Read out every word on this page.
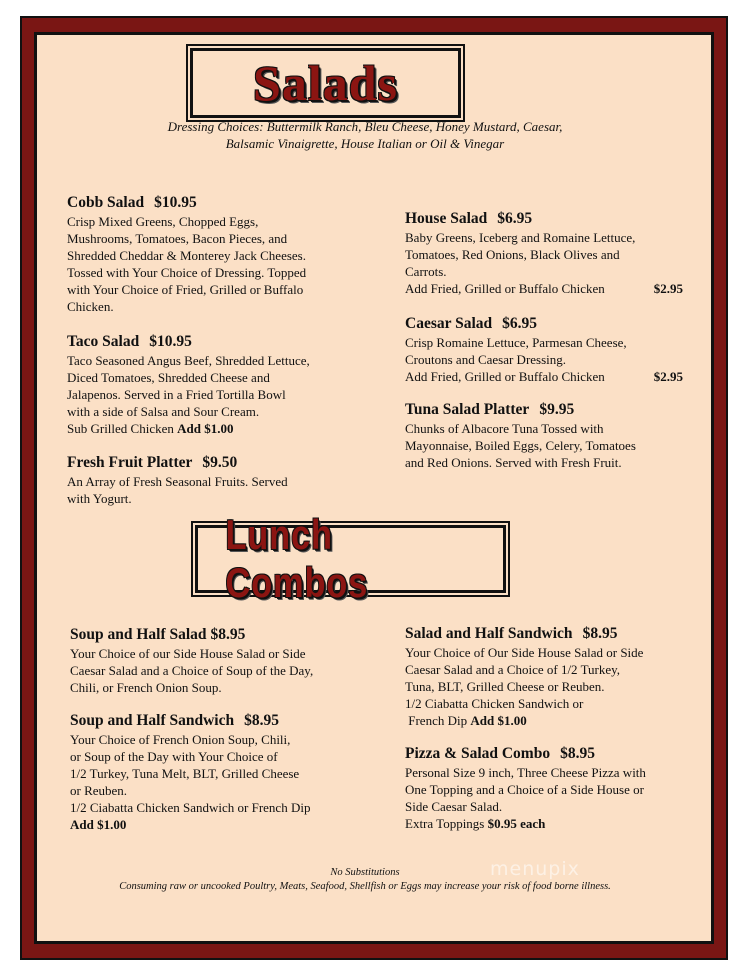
Salads
Dressing Choices: Buttermilk Ranch, Bleu Cheese, Honey Mustard, Caesar,
Balsamic Vinaigrette, House Italian or Oil & Vinegar
Cobb Salad $10.95
Crisp Mixed Greens, Chopped Eggs,
Mushrooms, Tomatoes, Bacon Pieces, and
Shredded Cheddar & Monterey Jack Cheeses.
Tossed with Your Choice of Dressing. Topped
with Your Choice of Fried, Grilled or Buffalo
Chicken.
Taco Salad $10.95
Taco Seasoned Angus Beef, Shredded Lettuce,
Diced Tomatoes, Shredded Cheese and
Jalapenos. Served in a Fried Tortilla Bowl
with a side of Salsa and Sour Cream.
Sub Grilled Chicken Add $1.00
Fresh Fruit Platter $9.50
An Array of Fresh Seasonal Fruits. Served
with Yogurt.
House Salad $6.95
Baby Greens, Iceberg and Romaine Lettuce,
Tomatoes, Red Onions, Black Olives and
Carrots.
Add Fried, Grilled or Buffalo Chicken	$2.95
Caesar Salad $6.95
Crisp Romaine Lettuce, Parmesan Cheese,
Croutons and Caesar Dressing.
Add Fried, Grilled or Buffalo Chicken	$2.95
Tuna Salad Platter $9.95
Chunks of Albacore Tuna Tossed with
Mayonnaise, Boiled Eggs, Celery, Tomatoes
and Red Onions. Served with Fresh Fruit.
Lunch Combos
Soup and Half Salad $8.95
Your Choice of our Side House Salad or Side
Caesar Salad and a Choice of Soup of the Day,
Chili, or French Onion Soup.
Soup and Half Sandwich $8.95
Your Choice of French Onion Soup, Chili,
or Soup of the Day with Your Choice of
1/2 Turkey, Tuna Melt, BLT, Grilled Cheese
or Reuben.
1/2 Ciabatta Chicken Sandwich or French Dip
Add $1.00
Salad and Half Sandwich $8.95
Your Choice of Our Side House Salad or Side
Caesar Salad and a Choice of 1/2 Turkey,
Tuna, BLT, Grilled Cheese or Reuben.
1/2 Ciabatta Chicken Sandwich or
French Dip Add $1.00
Pizza & Salad Combo $8.95
Personal Size 9 inch, Three Cheese Pizza with
One Topping and a Choice of a Side House or
Side Caesar Salad.
Extra Toppings $0.95 each
No Substitutions
Consuming raw or uncooked Poultry, Meats, Seafood, Shellfish or Eggs may increase your risk of food borne illness.
menupix
